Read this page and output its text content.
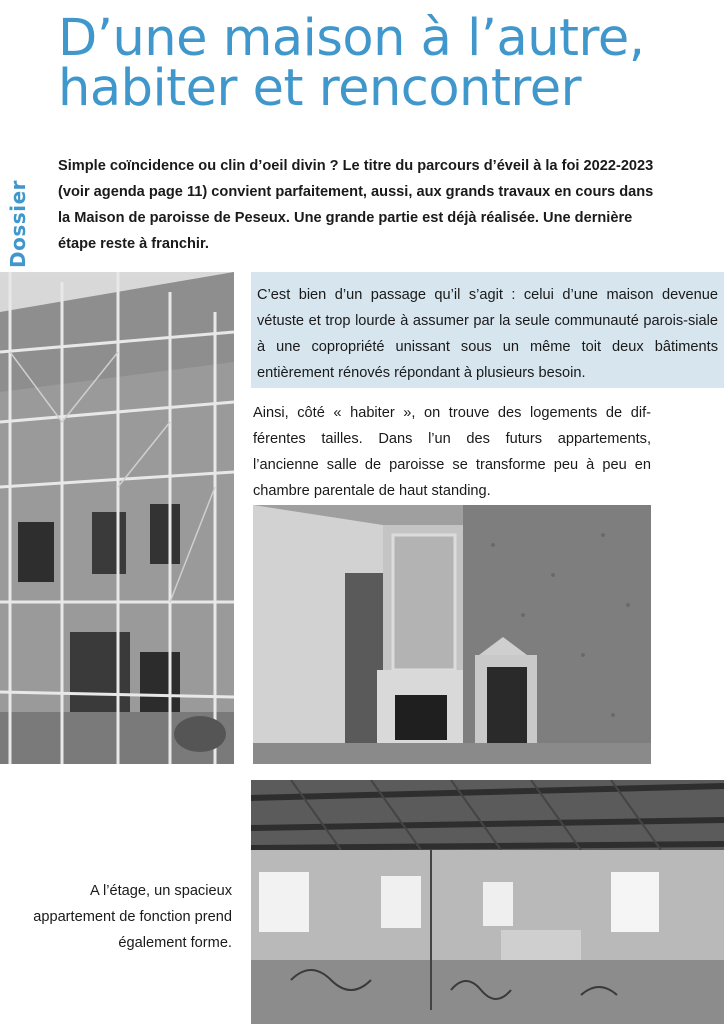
Dossier
D’une maison à l’autre,
habiter et rencontrer

Simple coïncidence ou clin d’oeil divin ? Le titre du parcours d’éveil à la foi 2022-2023 (voir agenda page 11) convient parfaitement, aussi, aux grands travaux en cours dans la Maison de paroisse de Peseux. Une grande partie est déjà réalisée. Une dernière étape reste à franchir.

C’est bien d’un passage qu’il s’agit : celui d’une maison devenue vétuste et trop lourde à assumer par la seule communauté parois-siale à une copropriété unissant sous un même toit deux bâtiments entièrement rénovés répondant à plusieurs besoin.

Ainsi, côté « habiter », on trouve des logements de dif-férentes tailles. Dans l’un des futurs appartements, l’ancienne salle de paroisse se transforme peu à peu en chambre parentale de haut standing.

A l’étage, un spacieux appartement de fonction prend également forme.
